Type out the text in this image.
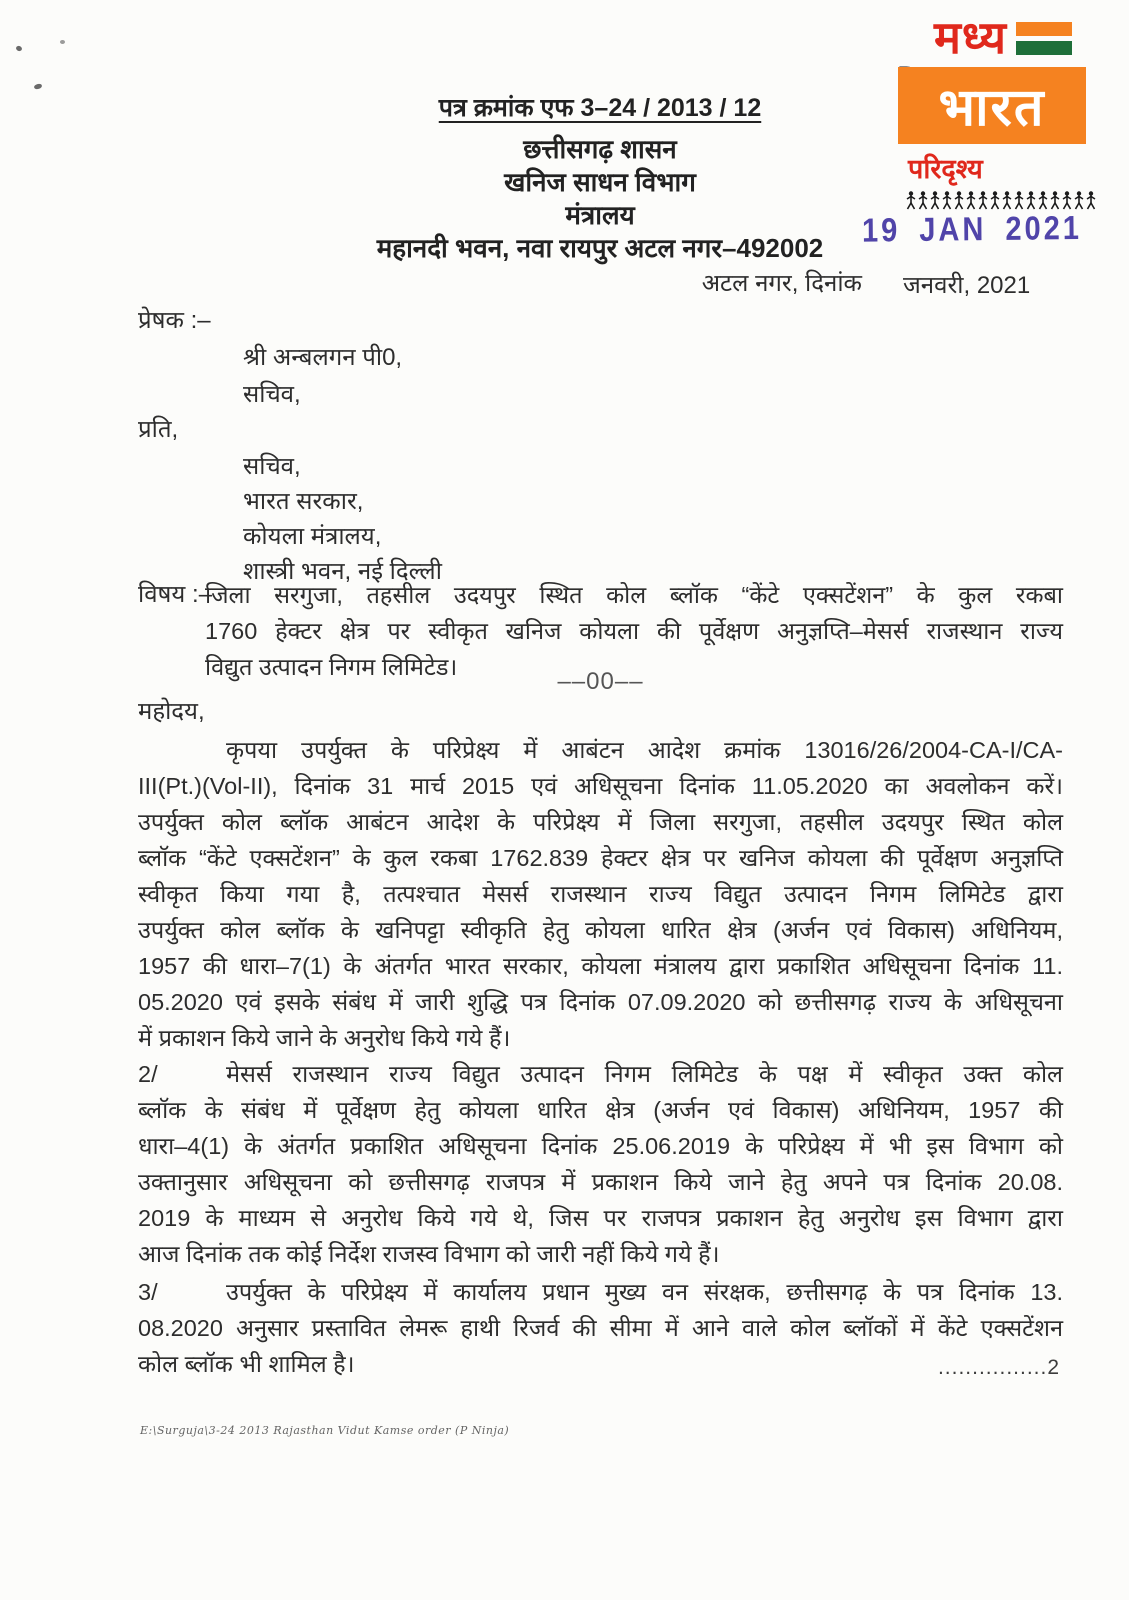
मध्य
भारत
परिदृश्य
19 JAN 2021
पत्र क्रमांक एफ 3–24 / 2013 / 12
छत्तीसगढ़ शासन
खनिज साधन विभाग
मंत्रालय
महानदी भवन, नवा रायपुर अटल नगर–492002
अटल नगर, दिनांक जनवरी, 2021
प्रेषक :–
श्री अन्बलगन पी0,
सचिव,
प्रति,
सचिव,
भारत सरकार,
कोयला मंत्रालय,
शास्त्री भवन, नई दिल्ली
विषय :–
जिला सरगुजा, तहसील उदयपुर स्थित कोल ब्लॉक “केंटे एक्सटेंशन” के कुल रकबा
1760 हेक्टर क्षेत्र पर स्वीकृत खनिज कोयला की पूर्वेक्षण अनुज्ञप्ति–मेसर्स राजस्थान राज्य
विद्युत उत्पादन निगम लिमिटेड।
––00––
महोदय,
कृपया उपर्युक्त के परिप्रेक्ष्य में आबंटन आदेश क्रमांक 13016/26/2004-CA-I/CA-
III(Pt.)(Vol-II), दिनांक 31 मार्च 2015 एवं अधिसूचना दिनांक 11.05.2020 का अवलोकन करें।
उपर्युक्त कोल ब्लॉक आबंटन आदेश के परिप्रेक्ष्य में जिला सरगुजा, तहसील उदयपुर स्थित कोल
ब्लॉक “केंटे एक्सटेंशन” के कुल रकबा 1762.839 हेक्टर क्षेत्र पर खनिज कोयला की पूर्वेक्षण अनुज्ञप्ति
स्वीकृत किया गया है, तत्पश्चात मेसर्स राजस्थान राज्य विद्युत उत्पादन निगम लिमिटेड द्वारा
उपर्युक्त कोल ब्लॉक के खनिपट्टा स्वीकृति हेतु कोयला धारित क्षेत्र (अर्जन एवं विकास) अधिनियम,
1957 की धारा–7(1) के अंतर्गत भारत सरकार, कोयला मंत्रालय द्वारा प्रकाशित अधिसूचना दिनांक 11.
05.2020 एवं इसके संबंध में जारी शुद्धि पत्र दिनांक 07.09.2020 को छत्तीसगढ़ राज्य के अधिसूचना
में प्रकाशन किये जाने के अनुरोध किये गये हैं।
2/	मेसर्स राजस्थान राज्य विद्युत उत्पादन निगम लिमिटेड के पक्ष में स्वीकृत उक्त कोल
ब्लॉक के संबंध में पूर्वेक्षण हेतु कोयला धारित क्षेत्र (अर्जन एवं विकास) अधिनियम, 1957 की
धारा–4(1) के अंतर्गत प्रकाशित अधिसूचना दिनांक 25.06.2019 के परिप्रेक्ष्य में भी इस विभाग को
उक्तानुसार अधिसूचना को छत्तीसगढ़ राजपत्र में प्रकाशन किये जाने हेतु अपने पत्र दिनांक 20.08.
2019 के माध्यम से अनुरोध किये गये थे, जिस पर राजपत्र प्रकाशन हेतु अनुरोध इस विभाग द्वारा
आज दिनांक तक कोई निर्देश राजस्व विभाग को जारी नहीं किये गये हैं।
3/	उपर्युक्त के परिप्रेक्ष्य में कार्यालय प्रधान मुख्य वन संरक्षक, छत्तीसगढ़ के पत्र दिनांक 13.
08.2020 अनुसार प्रस्तावित लेमरू हाथी रिजर्व की सीमा में आने वाले कोल ब्लॉकों में केंटे एक्सटेंशन
कोल ब्लॉक भी शामिल है।	................2
E:\Surguja\3-24 2013 Rajasthan Vidut Kamse order (P Ninja)
